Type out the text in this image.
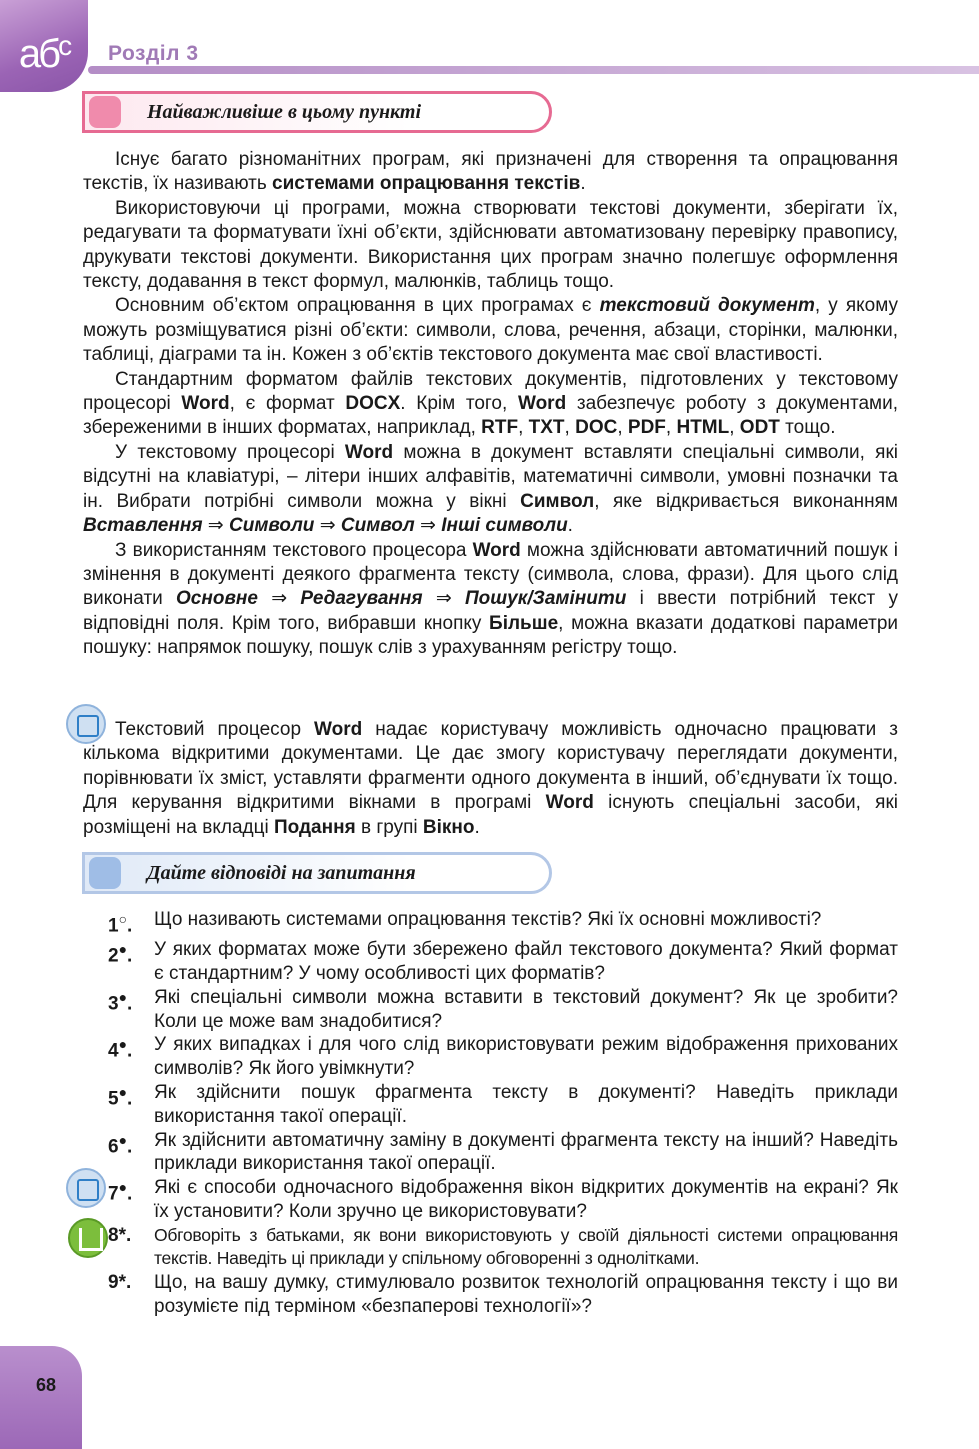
$аб^с$	Розділ 3
Найважливіше в цьому пункті

Існує багато різноманітних програм, які призначені для створення та опрацювання текстів, їх називають системами опрацювання текстів.

Використовуючи ці програми, можна створювати текстові документи, зберігати їх, редагувати та форматувати їхні об’єкти, здійснювати автоматизовану перевірку правопису, друкувати текстові документи. Використання цих програм значно полегшує оформлення тексту, додавання в текст формул, малюнків, таблиць тощо.

Основним об’єктом опрацювання в цих програмах є текстовий документ, у якому можуть розміщуватися різні об’єкти: символи, слова, речення, абзаци, сторінки, малюнки, таблиці, діаграми та ін. Кожен з об’єктів текстового документа має свої властивості.

Стандартним форматом файлів текстових документів, підготовлених у текстовому процесорі Word, є формат DOCX. Крім того, Word забезпечує роботу з документами, збереженими в інших форматах, наприклад, RTF, TXT, DOC, PDF, HTML, ODT тощо.

У текстовому процесорі Word можна в документ вставляти спеціальні символи, які відсутні на клавіатурі, – літери інших алфавітів, математичні символи, умовні позначки та ін. Вибрати потрібні символи можна у вікні Символ, яке відкривається виконанням Вставлення ⇒ Символи ⇒ Символ ⇒ Інші символи.

З використанням текстового процесора Word можна здійснювати автоматичний пошук і змінення в документі деякого фрагмента тексту (символа, слова, фрази). Для цього слід виконати Основне ⇒ Редагування ⇒ Пошук/Замінити і ввести потрібний текст у відповідні поля. Крім того, вибравши кнопку Більше, можна вказати додаткові параметри пошуку: напрямок пошуку, пошук слів з урахуванням регістру тощо.

Текстовий процесор Word надає користувачу можливість одночасно працювати з кількома відкритими документами. Це дає змогу користувачу переглядати документи, порівнювати їх зміст, уставляти фрагменти одного документа в інший, об’єднувати їх тощо. Для керування відкритими вікнами в програмі Word існують спеціальні засоби, які розміщені на вкладці Подання в групі Вікно.

Дайте відповіді на запитання
1○.	Що називають системами опрацювання текстів? Які їх основні можливості?
2●.	У яких форматах може бути збережено файл текстового документа? Який формат є стандартним? У чому особливості цих форматів?
3●.	Які спеціальні символи можна вставити в текстовий документ? Як це зробити? Коли це може вам знадобитися?
4●.	У яких випадках і для чого слід використовувати режим відображення прихованих символів? Як його увімкнути?
5●.	Як здійснити пошук фрагмента тексту в документі? Наведіть приклади використання такої операції.
6●.	Як здійснити автоматичну заміну в документі фрагмента тексту на інший? Наведіть приклади використання такої операції.
7●.	Які є способи одночасного відображення вікон відкритих документів на екрані? Як їх установити? Коли зручно це використовувати?
8*.	Обговоріть з батьками, як вони використовують у своїй діяльності системи опрацювання текстів. Наведіть ці приклади у спільному обговоренні з однолітками.
9*.	Що, на вашу думку, стимулювало розвиток технологій опрацювання тексту і що ви розумієте під терміном «безпаперові технології»?
68
